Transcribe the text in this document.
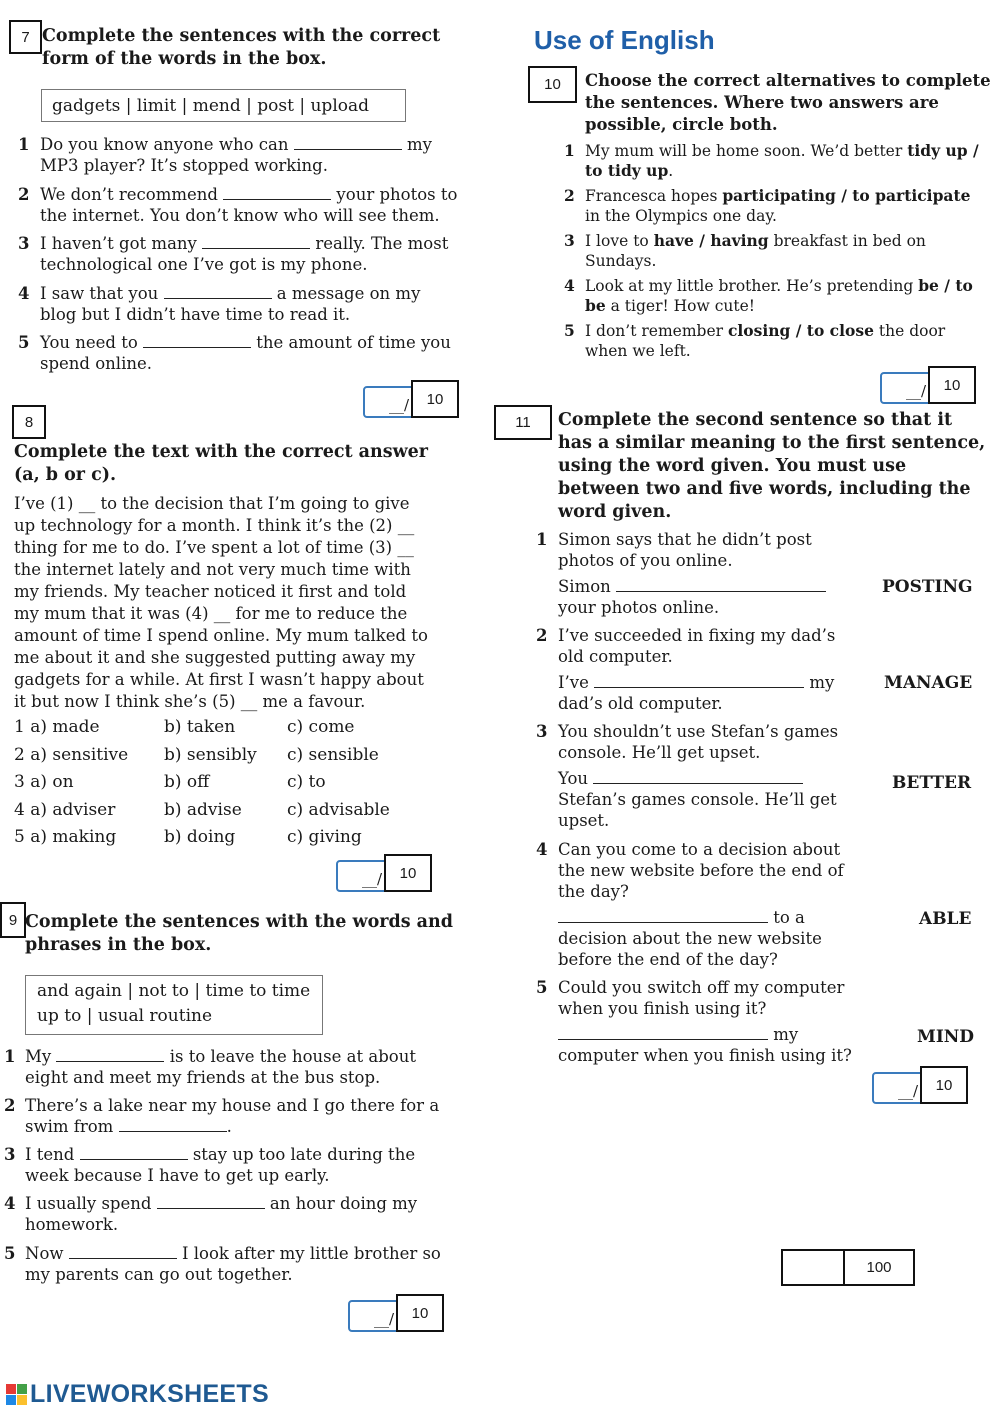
7 Complete the sentences with the correct form of the words in the box.
gadgets | limit | mend | post | upload
1 Do you know anyone who can	my
MP3 player? It’s stopped working.
2 We don’t recommend	your photos to
the internet. You don’t know who will see them.
3 I haven’t got many	really. The most
technological one I’ve got is my phone.
4 I saw that you	a message on my
blog but I didn’t have time to read it.
5 You need to	the amount of time you
spend online.
__/	10
8
Complete the text with the correct answer (a, b or c).
I’ve (1) __ to the decision that I’m going to give
up technology for a month. I think it’s the (2) __
thing for me to do. I’ve spent a lot of time (3) __
the internet lately and not very much time with
my friends. My teacher noticed it first and told
my mum that it was (4) __ for me to reduce the
amount of time I spend online. My mum talked to
me about it and she suggested putting away my
gadgets for a while. At first I wasn’t happy about
it but now I think she’s (5) __ me a favour.
1 a) made	b) taken	c) come
2 a) sensitive b) sensibly c) sensible
3 a) on	b) off	c) to
4 a) adviser	b) advise	c) advisable
5 a) making	b) doing	c) giving
__/	10
9 Complete the sentences with the words and
phrases in the box.
and again | not to | time to time
up to | usual routine
1 My	is to leave the house at about
eight and meet my friends at the bus stop.
2 There’s a lake near my house and I go there for a
swim from	.
3 I tend	stay up too late during the
week because I have to get up early.
4 I usually spend	an hour doing my
homework.
5 Now	I look after my little brother so
my parents can go out together.
__/	10
Use of English
10	Choose the correct alternatives to complete
the sentences. Where two answers are
possible, circle both.
1 My mum will be home soon. We’d better tidy up /
to tidy up.
2 Francesca hopes participating / to participate
in the Olympics one day.
3 I love to have / having breakfast in bed on
Sundays.
4 Look at my little brother. He’s pretending be / to
be a tiger! How cute!
5 I don’t remember closing / to close the door
when we left.
__/	10
11	Complete the second sentence so that it
has a similar meaning to the first sentence,
using the word given. You must use
between two and five words, including the
word given.
1 Simon says that he didn’t post
photos of you online.
Simon
your photos online.
POSTING
2 I’ve succeeded in fixing my dad’s
old computer.
I’ve	my
dad’s old computer.
MANAGE
3 You shouldn’t use Stefan’s games
console. He’ll get upset.
You
Stefan’s games console. He’ll get
upset.
BETTER
4 Can you come to a decision about
the new website before the end of
the day?
to a
decision about the new website
before the end of the day?
ABLE
5 Could you switch off my computer
when you finish using it?
my
computer when you finish using it?
MIND
__/	10
100
LIVEWORKSHEETS
